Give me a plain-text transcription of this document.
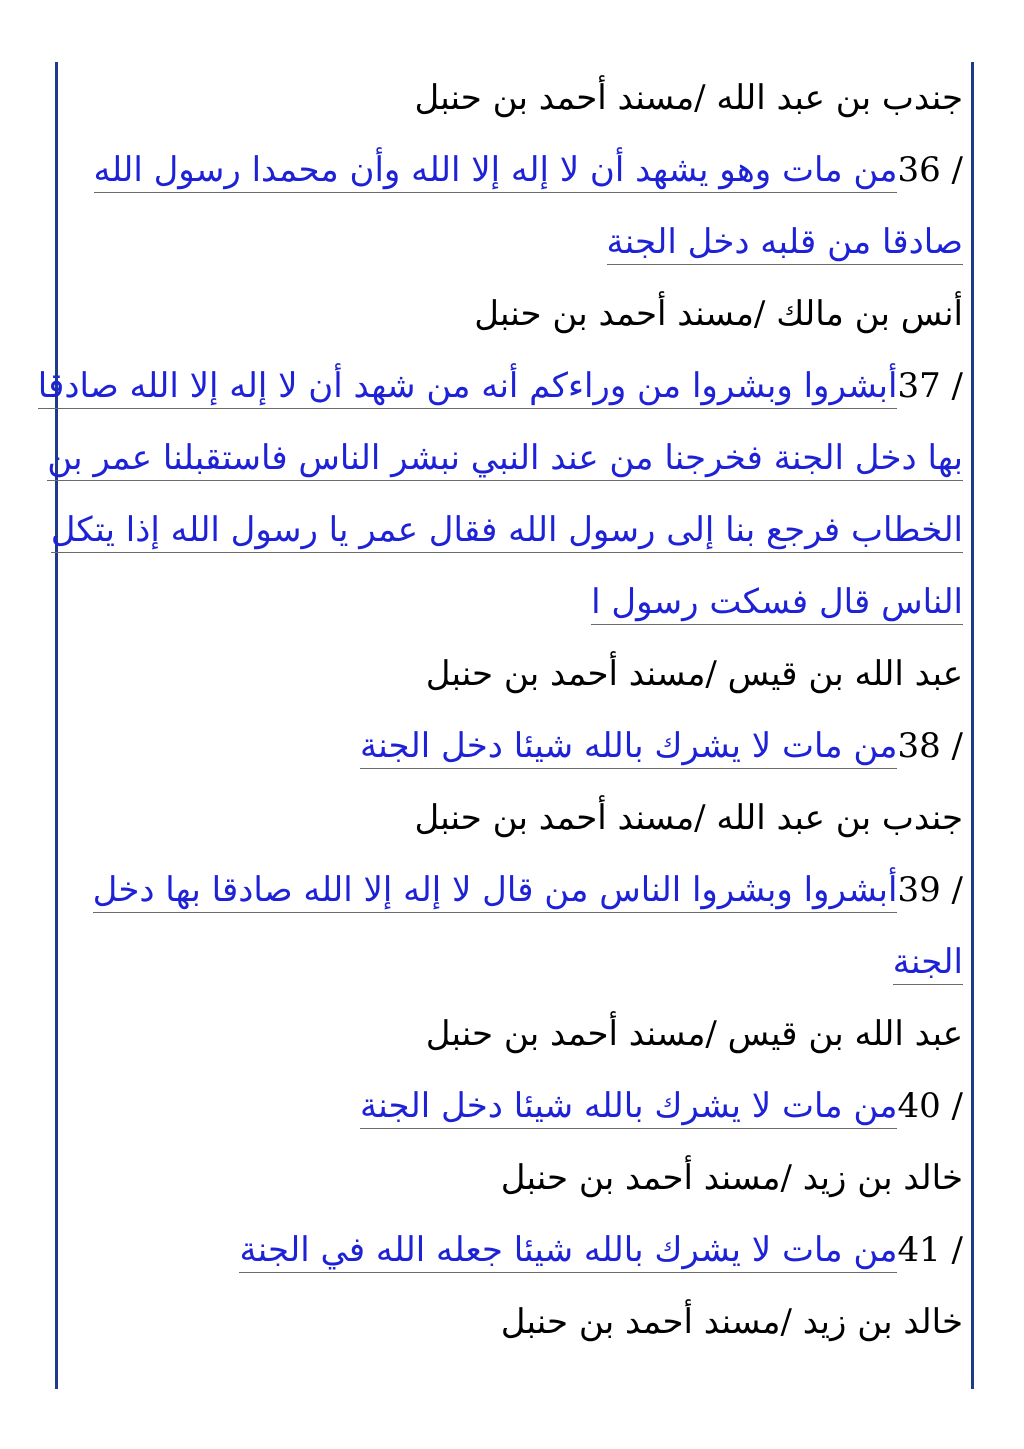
جندب بن عبد الله /مسند أحمد بن حنبل
/ 36من مات وهو يشهد أن لا إله إلا الله وأن محمدا رسول الله
صادقا من قلبه دخل الجنة
أنس بن مالك /مسند أحمد بن حنبل
/ 37أبشروا وبشروا من وراءكم أنه من شهد أن لا إله إلا الله صادقا
بها دخل الجنة فخرجنا من عند النبي نبشر الناس فاستقبلنا عمر بن
الخطاب فرجع بنا إلى رسول الله فقال عمر يا رسول الله إذا يتكل
الناس قال فسكت رسول ا
عبد الله بن قيس /مسند أحمد بن حنبل
/ 38من مات لا يشرك بالله شيئا دخل الجنة
جندب بن عبد الله /مسند أحمد بن حنبل
/ 39أبشروا وبشروا الناس من قال لا إله إلا الله صادقا بها دخل
الجنة
عبد الله بن قيس /مسند أحمد بن حنبل
/ 40من مات لا يشرك بالله شيئا دخل الجنة
خالد بن زيد /مسند أحمد بن حنبل
/ 41من مات لا يشرك بالله شيئا جعله الله في الجنة
خالد بن زيد /مسند أحمد بن حنبل
